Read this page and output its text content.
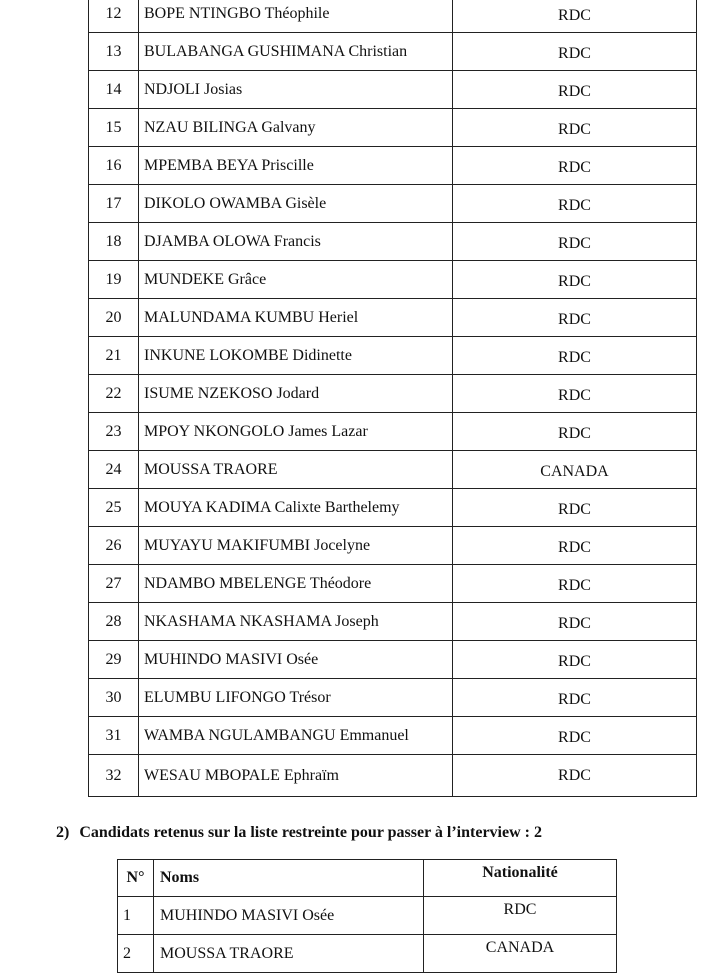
12	BOPE NTINGBO Théophile	RDC
13	BULABANGA GUSHIMANA Christian	RDC
14	NDJOLI Josias	RDC
15	NZAU BILINGA Galvany	RDC
16	MPEMBA BEYA Priscille	RDC
17	DIKOLO OWAMBA Gisèle	RDC
18	DJAMBA OLOWA Francis	RDC
19	MUNDEKE Grâce	RDC
20	MALUNDAMA KUMBU Heriel	RDC
21	INKUNE LOKOMBE Didinette	RDC
22	ISUME NZEKOSO Jodard	RDC
23	MPOY NKONGOLO James Lazar	RDC
24	MOUSSA TRAORE	CANADA
25	MOUYA KADIMA Calixte Barthelemy	RDC
26	MUYAYU MAKIFUMBI Jocelyne	RDC
27	NDAMBO MBELENGE Théodore	RDC
28	NKASHAMA NKASHAMA Joseph	RDC
29	MUHINDO MASIVI Osée	RDC
30	ELUMBU LIFONGO Trésor	RDC
31	WAMBA NGULAMBANGU Emmanuel	RDC
32	WESAU MBOPALE Ephraïm	RDC

2) Candidats retenus sur la liste restreinte pour passer à l’interview : 2

N°	Noms	Nationalité
1	MUHINDO MASIVI Osée	RDC
2	MOUSSA TRAORE	CANADA
